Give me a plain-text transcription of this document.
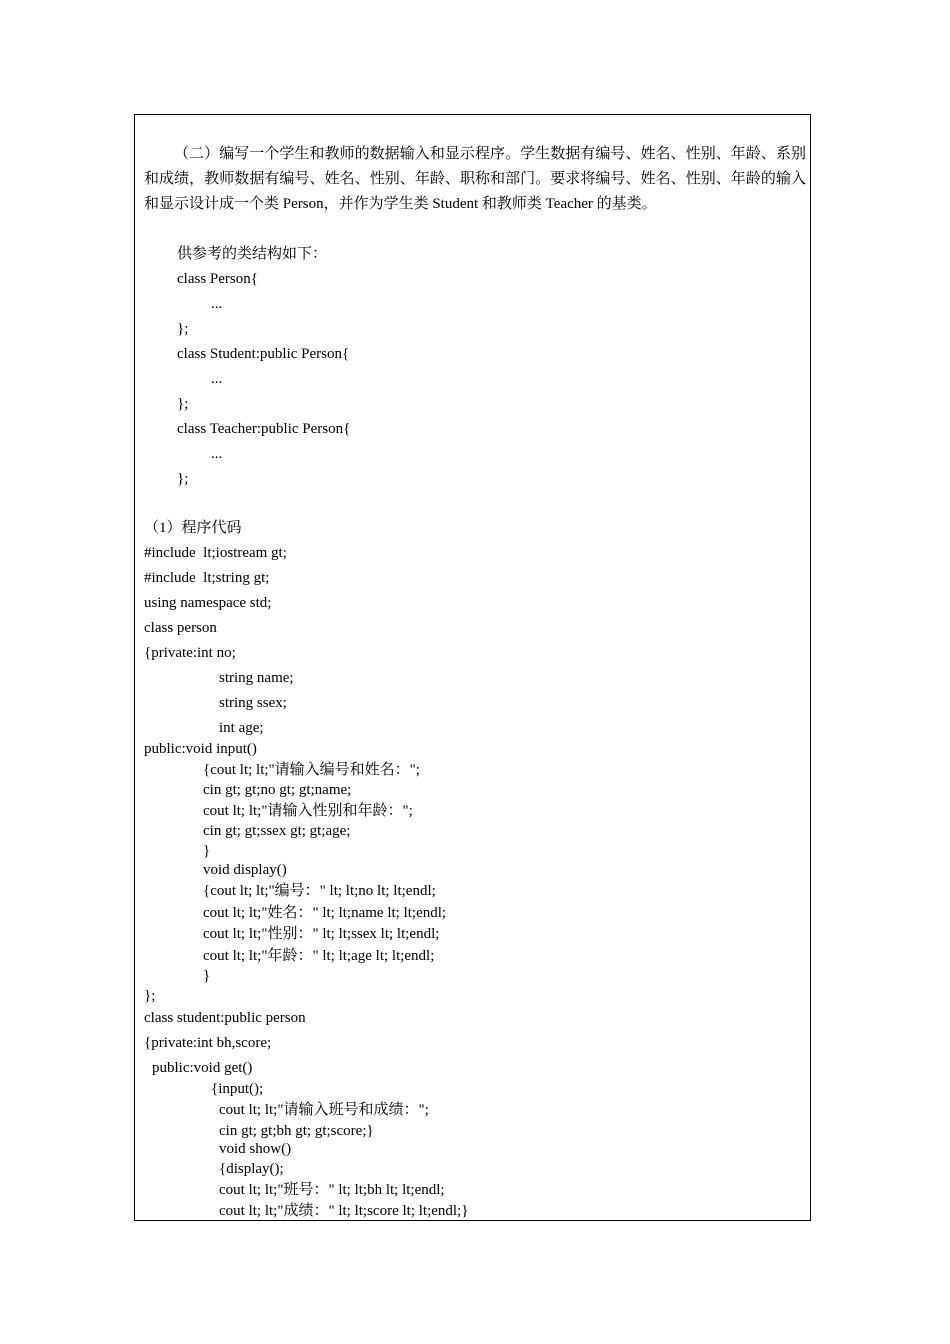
（二）编写一个学生和教师的数据输入和显示程序。学生数据有编号、姓名、性别、年龄、系别和成绩，教师数据有编号、姓名、性别、年龄、职称和部门。要求将编号、姓名、性别、年龄的输入和显示设计成一个类 Person，并作为学生类 Student 和教师类 Teacher 的基类。
供参考的类结构如下：
class Person{
...
};
class Student:public Person{
...
};
class Teacher:public Person{
...
};
（1）程序代码
#include  lt;iostream gt;
#include  lt;string gt;
using namespace std;
class person
{private:int no;
string name;
string ssex;
int age;
public:void input()
{cout lt; lt;"请输入编号和姓名：";
cin gt; gt;no gt; gt;name;
cout lt; lt;"请输入性别和年龄：";
cin gt; gt;ssex gt; gt;age;
}
void display()
{cout lt; lt;"编号：" lt; lt;no lt; lt;endl;
cout lt; lt;"姓名：" lt; lt;name lt; lt;endl;
cout lt; lt;"性别：" lt; lt;ssex lt; lt;endl;
cout lt; lt;"年龄：" lt; lt;age lt; lt;endl;
}
};
class student:public person
{private:int bh,score;
public:void get()
{input();
cout lt; lt;"请输入班号和成绩：";
cin gt; gt;bh gt; gt;score;}
void show()
{display();
cout lt; lt;"班号：" lt; lt;bh lt; lt;endl;
cout lt; lt;"成绩：" lt; lt;score lt; lt;endl;}
